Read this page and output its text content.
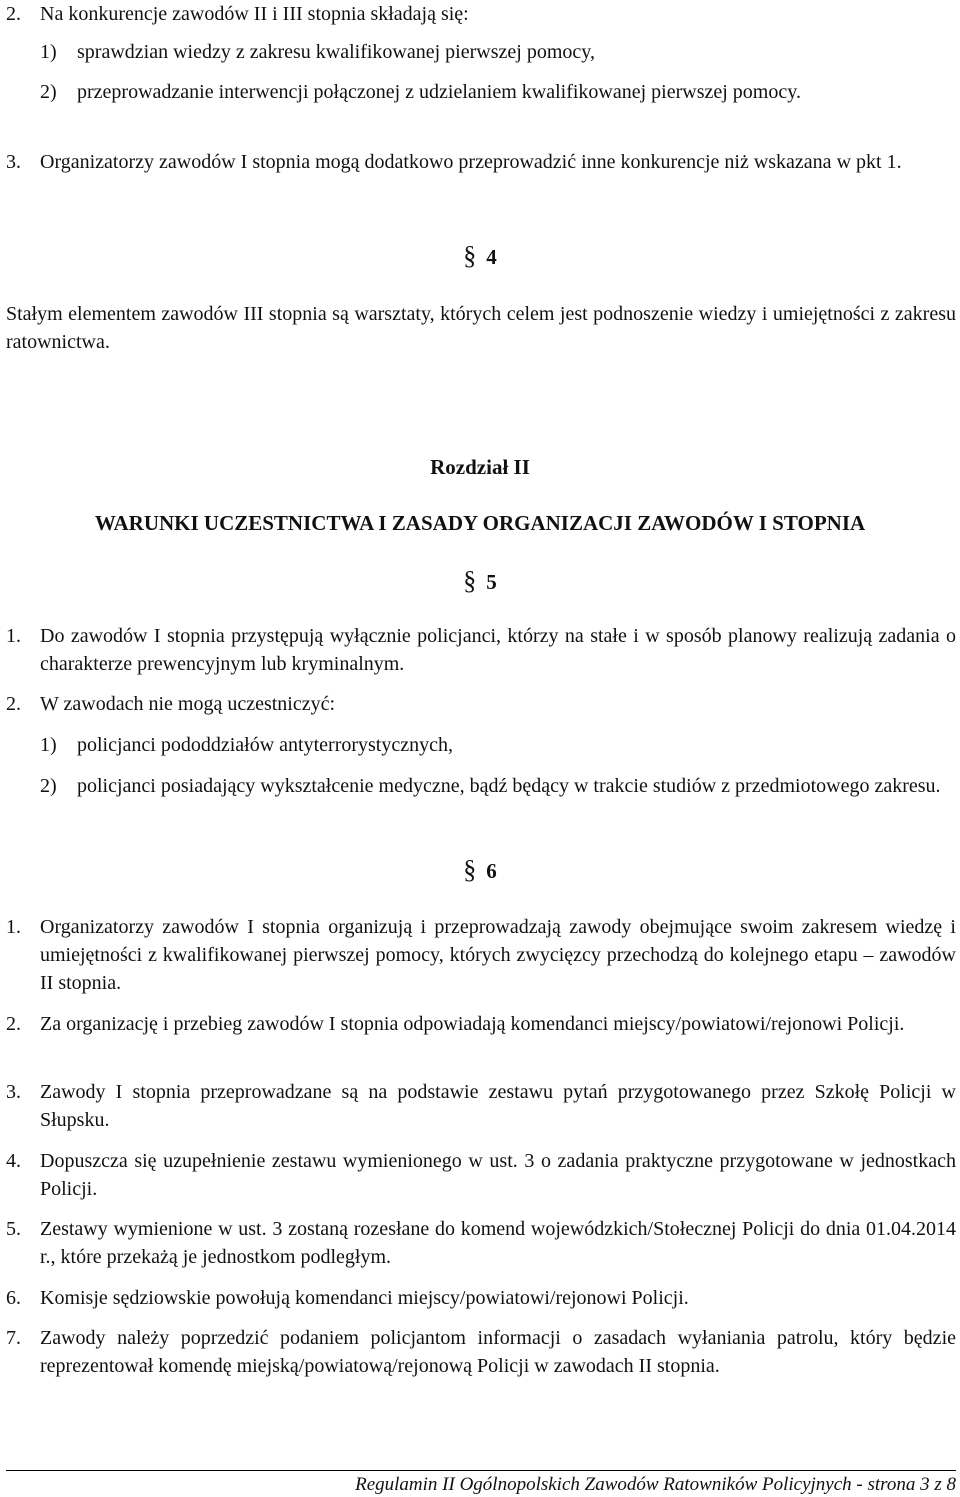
2. Na konkurencje zawodów II i III stopnia składają się:
1) sprawdzian wiedzy z zakresu kwalifikowanej pierwszej pomocy,
2) przeprowadzanie interwencji połączonej z udzielaniem kwalifikowanej pierwszej pomocy.
3. Organizatorzy zawodów I stopnia mogą dodatkowo przeprowadzić inne konkurencje niż wskazana w pkt 1.
§ 4
Stałym elementem zawodów III stopnia są warsztaty, których celem jest podnoszenie wiedzy i umiejętności z zakresu ratownictwa.
Rozdział II
WARUNKI UCZESTNICTWA I ZASADY ORGANIZACJI ZAWODÓW I STOPNIA
§ 5
1. Do zawodów I stopnia przystępują wyłącznie policjanci, którzy na stałe i w sposób planowy realizują zadania o charakterze prewencyjnym lub kryminalnym.
2. W zawodach nie mogą uczestniczyć:
1) policjanci pododdziałów antyterrorystycznych,
2) policjanci posiadający wykształcenie medyczne, bądź będący w trakcie studiów z przedmiotowego zakresu.
§ 6
1. Organizatorzy zawodów I stopnia organizują i przeprowadzają zawody obejmujące swoim zakresem wiedzę i umiejętności z kwalifikowanej pierwszej pomocy, których zwycięzcy przechodzą do kolejnego etapu – zawodów II stopnia.
2. Za organizację i przebieg zawodów I stopnia odpowiadają komendanci miejscy/powiatowi/rejonowi Policji.
3. Zawody I stopnia przeprowadzane są na podstawie zestawu pytań przygotowanego przez Szkołę Policji w Słupsku.
4. Dopuszcza się uzupełnienie zestawu wymienionego w ust. 3 o zadania praktyczne przygotowane w jednostkach Policji.
5. Zestawy wymienione w ust. 3 zostaną rozesłane do komend wojewódzkich/Stołecznej Policji do dnia 01.04.2014 r., które przekażą je jednostkom podległym.
6. Komisje sędziowskie powołują komendanci miejscy/powiatowi/rejonowi Policji.
7. Zawody należy poprzedzić podaniem policjantom informacji o zasadach wyłaniania patrolu, który będzie reprezentował komendę miejską/powiatową/rejonową Policji w zawodach II stopnia.
Regulamin II Ogólnopolskich Zawodów Ratowników Policyjnych - strona 3 z 8
